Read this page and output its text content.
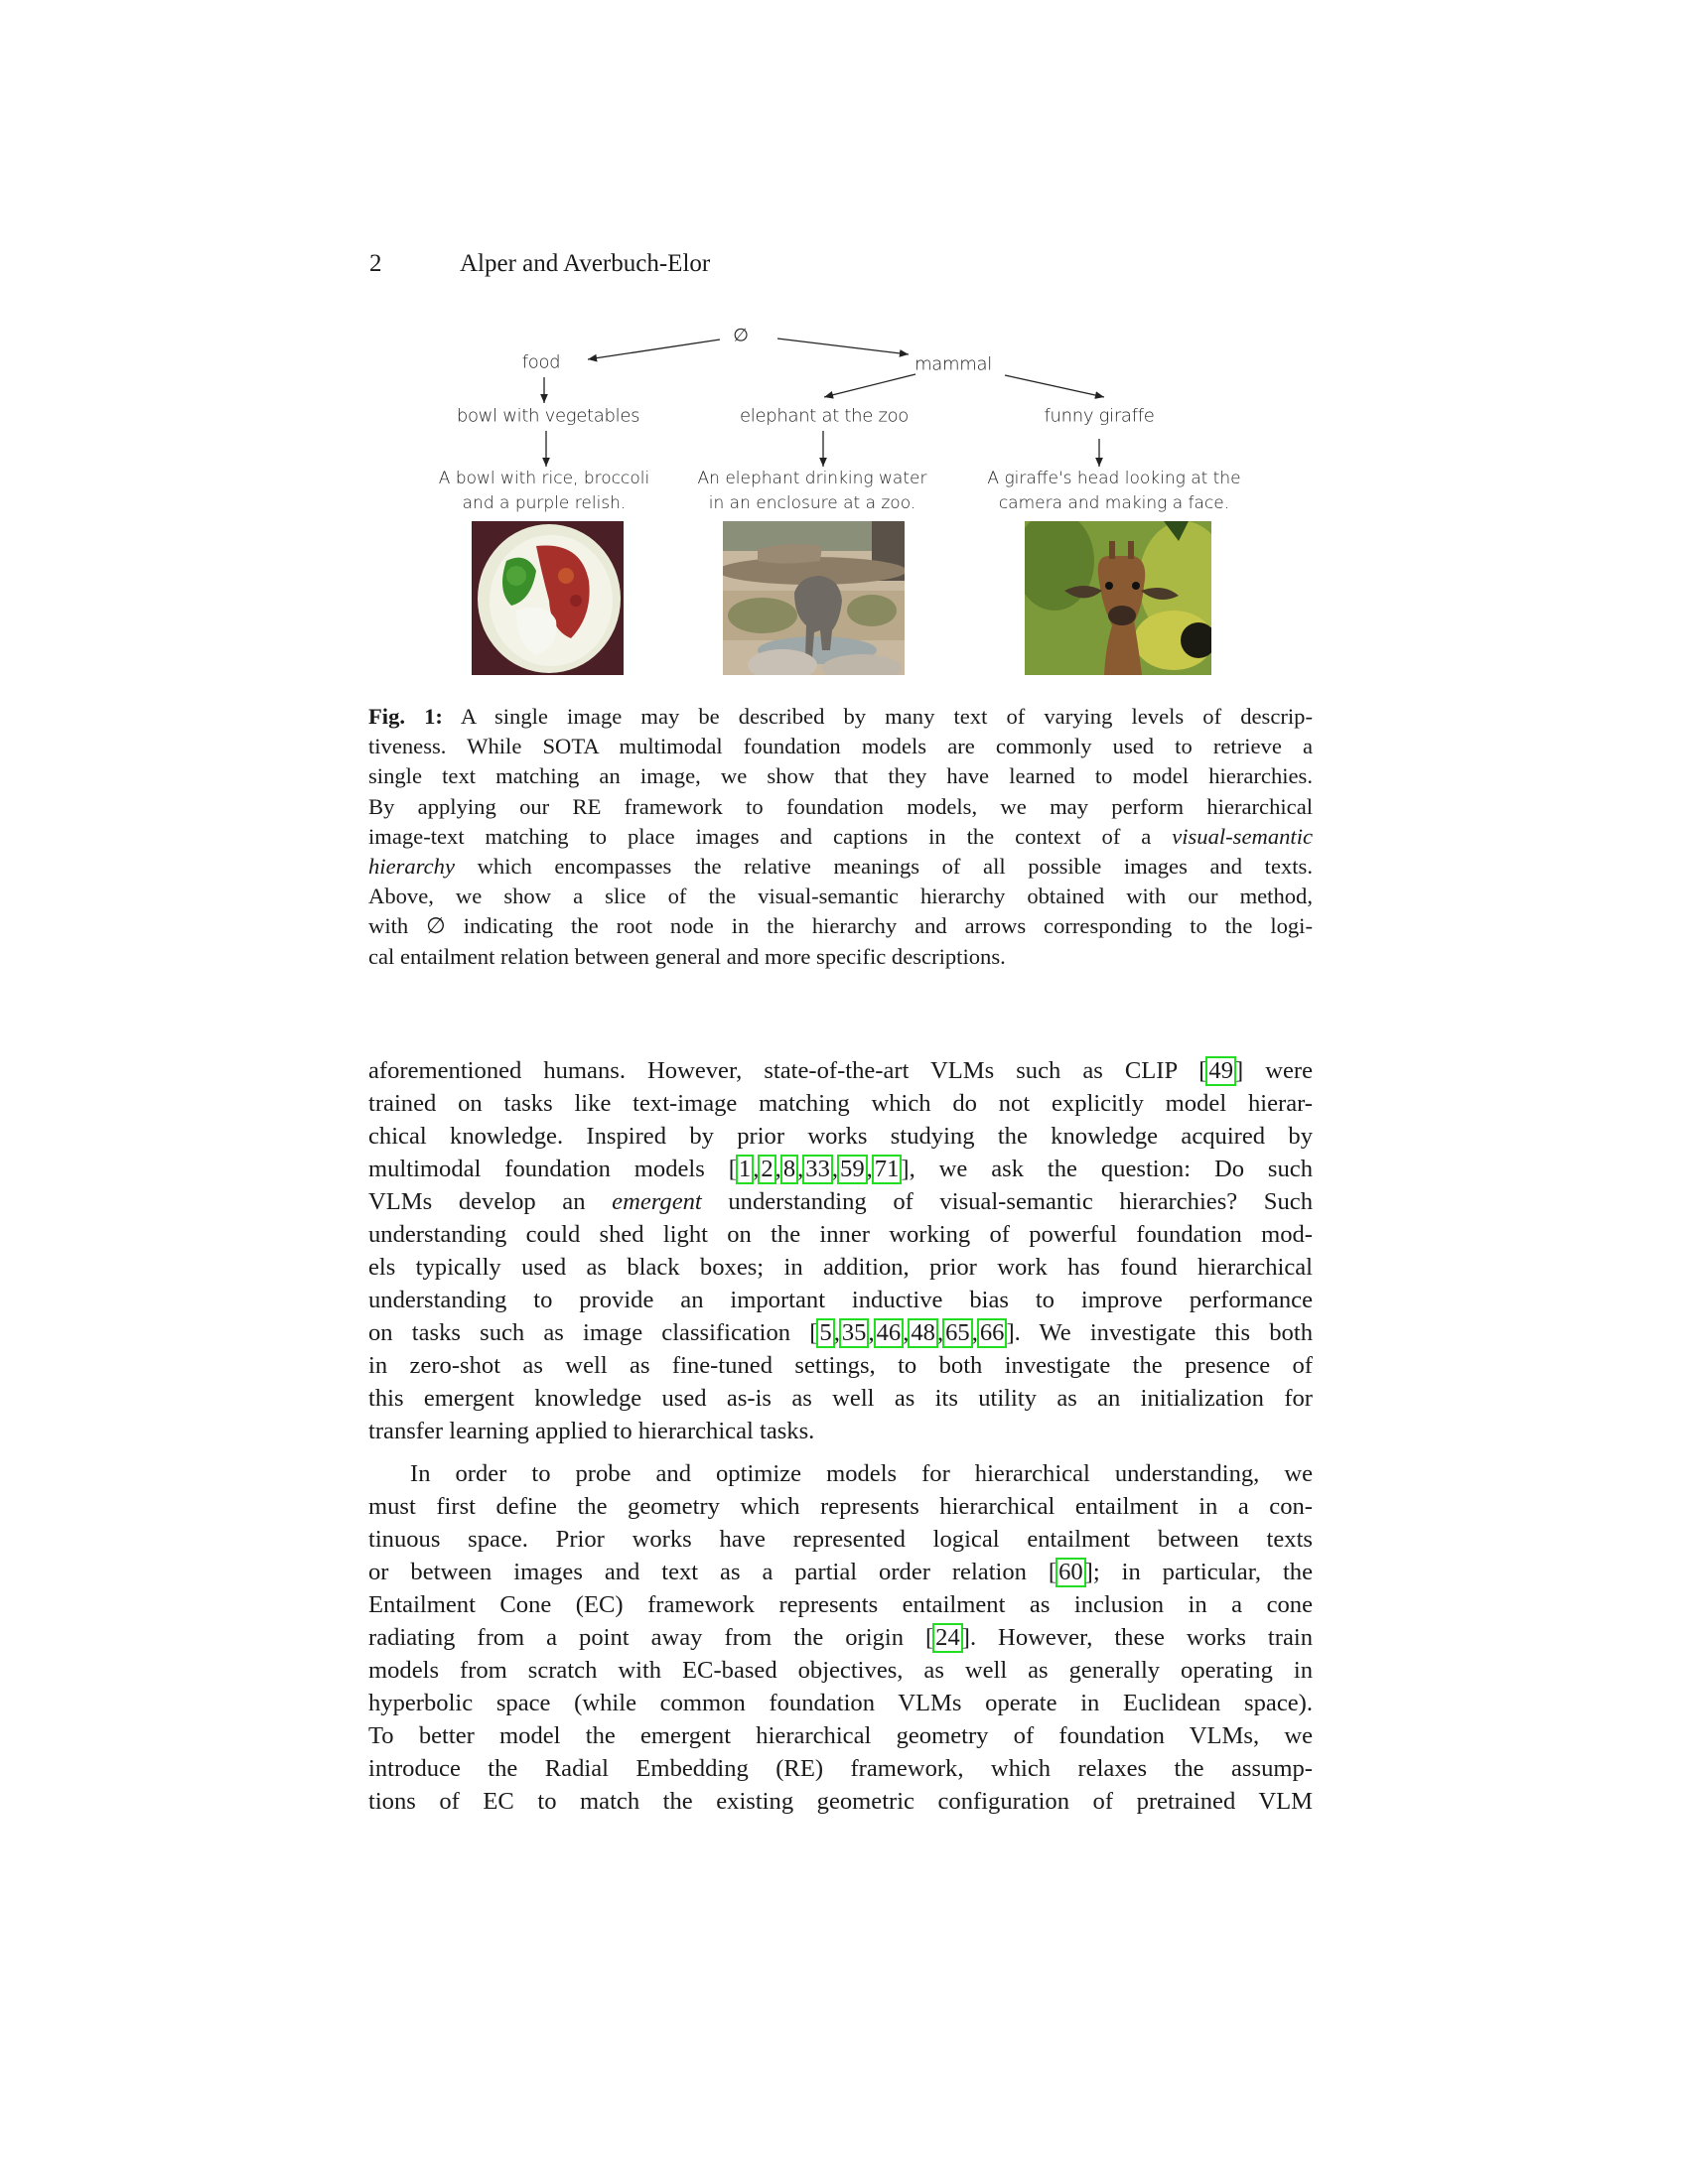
2	Alper and Averbuch-Elor
∅
food	mammal
bowl with vegetables	elephant at the zoo	funny giraffe
A bowl with rice, broccoli
and a purple relish.
An elephant drinking water
in an enclosure at a zoo.
A giraffe's head looking at the
camera and making a face.
Fig. 1: A single image may be described by many text of varying levels of descrip-
tiveness. While SOTA multimodal foundation models are commonly used to retrieve a
single text matching an image, we show that they have learned to model hierarchies.
By applying our RE framework to foundation models, we may perform hierarchical
image-text matching to place images and captions in the context of a visual-semantic
hierarchy which encompasses the relative meanings of all possible images and texts.
Above, we show a slice of the visual-semantic hierarchy obtained with our method,
with ∅ indicating the root node in the hierarchy and arrows corresponding to the logi-
cal entailment relation between general and more specific descriptions.
aforementioned humans. However, state-of-the-art VLMs such as CLIP [49] were
trained on tasks like text-image matching which do not explicitly model hierar-
chical knowledge. Inspired by prior works studying the knowledge acquired by
multimodal foundation models [1,2,8,33,59,71], we ask the question: Do such
VLMs develop an emergent understanding of visual-semantic hierarchies? Such
understanding could shed light on the inner working of powerful foundation mod-
els typically used as black boxes; in addition, prior work has found hierarchical
understanding to provide an important inductive bias to improve performance
on tasks such as image classification [5,35,46,48,65,66]. We investigate this both
in zero-shot as well as fine-tuned settings, to both investigate the presence of
this emergent knowledge used as-is as well as its utility as an initialization for
transfer learning applied to hierarchical tasks.
In order to probe and optimize models for hierarchical understanding, we
must first define the geometry which represents hierarchical entailment in a con-
tinuous space. Prior works have represented logical entailment between texts
or between images and text as a partial order relation [60]; in particular, the
Entailment Cone (EC) framework represents entailment as inclusion in a cone
radiating from a point away from the origin [24]. However, these works train
models from scratch with EC-based objectives, as well as generally operating in
hyperbolic space (while common foundation VLMs operate in Euclidean space).
To better model the emergent hierarchical geometry of foundation VLMs, we
introduce the Radial Embedding (RE) framework, which relaxes the assump-
tions of EC to match the existing geometric configuration of pretrained VLM
